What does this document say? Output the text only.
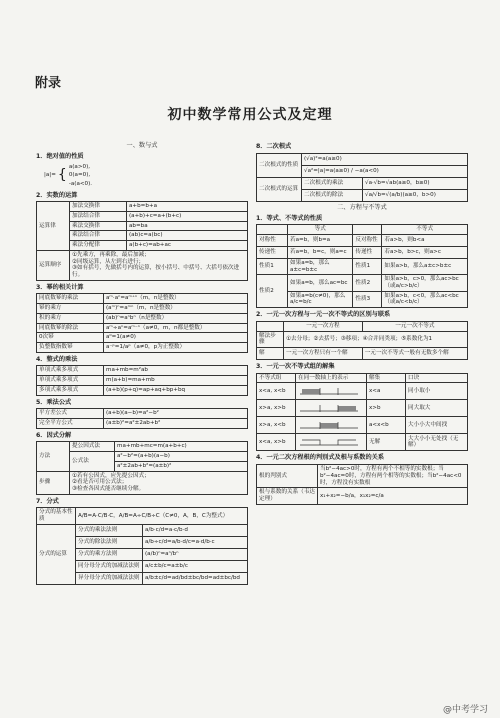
附录
初中数学常用公式及定理
一、数与式
1．绝对值的性质
|a|=	{	a(a>0),
0(a=0),
-a(a<0).
2．实数的运算
运算律	加法交换律	a+b=b+a
	加法结合律	(a+b)+c=a+(b+c)
	乘法交换律	ab=ba
	乘法结合律	(ab)c=a(bc)
	乘法分配律	a(b+c)=ab+ac
运算顺序	①先乘方，再乘除，最后加减；
②同级运算，从左到右进行；
③如有括号，先做括号内的运算，按小括号、中括号、大括号依次进行。	
3．幂的相关计算
同底数幂的乘法	aᵐ·aⁿ=aᵐ⁺ⁿ（m，n是整数）
幂的乘方	(aᵐ)ⁿ=aᵐⁿ（m，n是整数）
积的乘方	(ab)ⁿ=aⁿbⁿ（n是整数）
同底数幂的除法	aᵐ÷aⁿ=aᵐ⁻ⁿ（a≠0，m，n都是整数）
0次幂	a⁰=1(a≠0)
负整数指数幂	a⁻ᵖ=1/aᵖ（a≠0，p为正整数）
4．整式的乘法
单项式乘多项式	ma+mb=m²ab
单项式乘多项式	m(a+b)=ma+mb
多项式乘多项式	(a+b)(p+q)=ap+aq+bp+bq
5．乘法公式
平方差公式	(a+b)(a−b)=a²−b²
完全平方公式	(a±b)²=a²±2ab+b²
6．因式分解
方法	提公因式法	ma+mb+mc=m(a+b+c)
	公式法	a²−b²=(a+b)(a−b)
		a²±2ab+b²=(a±b)²
步骤	①若有公因式，应先提公因式；
②看是否可用公式法；
③检查各因式能否继续分解。	
7．分式
分式的基本性质	A/B=A·C/B·C，A/B=A÷C/B÷C（C≠0，A，B，C为整式）	
分式的运算	分式的乘法法则	a/b·c/d=a·c/b·d
	分式的除法法则	a/b÷c/d=a/b·d/c=a·d/b·c
	分式的乘方法则	(a/b)ⁿ=aⁿ/bⁿ
	同分母分式的加减法法则	a/c±b/c=a±b/c
	异分母分式的加减法法则	a/b±c/d=ad/bd±bc/bd=ad±bc/bd
8．二次根式
二次根式的性质	(√a)²=a(a≥0)	
	√a²=|a|=a(a≥0) / −a(a<0)	
二次根式的运算	二次根式的乘法	√a·√b=√ab(a≥0，b≥0)
	二次根式的除法	√a/√b=√(a/b)(a≥0，b>0)
二、方程与不等式
1．等式、不等式的性质
	等式		不等式
对称性	若a=b，则b=a	反对称性	若a>b，则b<a
传递性	若a=b，b=c，则a=c	传递性	若a>b，b>c，则a>c
性质1	如果a=b，那么a±c=b±c	性质1	如果a>b，那么a±c>b±c
性质2	如果a=b，那么ac=bc	性质2	如果a>b，c>0，那么ac>bc（或a/c>b/c）
	如果a=b(c≠0)，那么a/c=b/c	性质3	如果a>b，c<0，那么ac<bc（或a/c<b/c）
2．一元一次方程与一元一次不等式的区别与联系
	一元一次方程	一元一次不等式
解法步骤	①去分母；②去括号；③移项；④合并同类项；⑤系数化为1	
解	一元一次方程只有一个解	一元一次不等式一般有无数多个解
3．一元一次不等式组的解集
不等式组	在同一数轴上的表示	解集	口诀
x<a, x<b		x<a	同小取小
x>a, x>b		x>b	同大取大
x>a, x<b		a<x<b	大小小大中间找
x<a, x>b		无解	大大小小无处找（无解）
4．一元二次方程根的判别式及根与系数的关系
根的判别式	当b²−4ac>0时，方程有两个不相等的实数根；当b²−4ac=0时，方程有两个相等的实数根；当b²−4ac<0时，方程没有实数根
根与系数的关系（韦达定理）	x₁+x₂=−b/a，x₁x₂=c/a
@中考学习
